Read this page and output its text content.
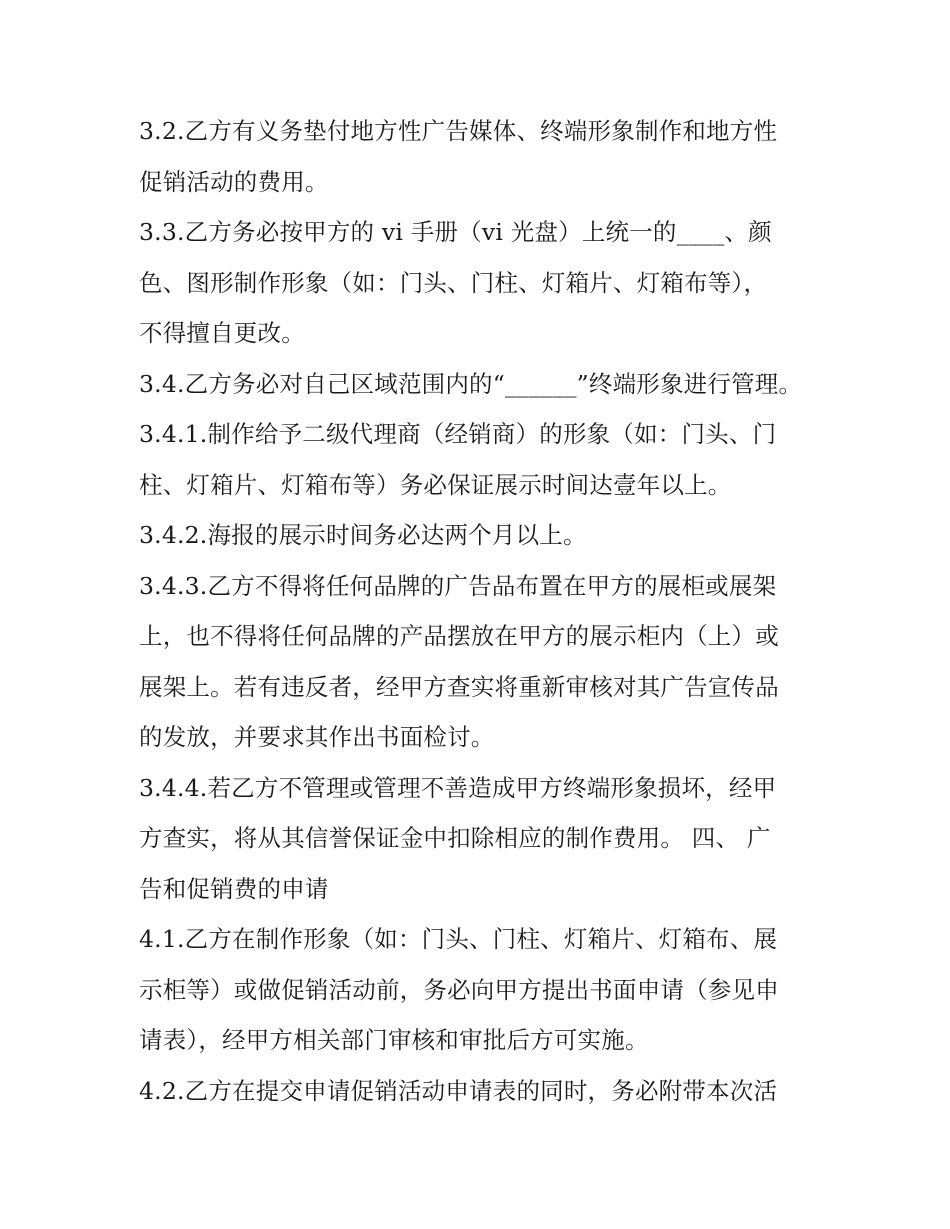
3.2.乙方有义务垫付地方性广告媒体、终端形象制作和地方性
促销活动的费用。
3.3.乙方务必按甲方的 vi 手册（vi 光盘）上统一的____、颜
色、图形制作形象（如：门头、门柱、灯箱片、灯箱布等），
不得擅自更改。
3.4.乙方务必对自己区域范围内的“______”终端形象进行管理。
3.4.1.制作给予二级代理商（经销商）的形象（如：门头、门
柱、灯箱片、灯箱布等）务必保证展示时间达壹年以上。
3.4.2.海报的展示时间务必达两个月以上。
3.4.3.乙方不得将任何品牌的广告品布置在甲方的展柜或展架
上，也不得将任何品牌的产品摆放在甲方的展示柜内（上）或
展架上。若有违反者，经甲方查实将重新审核对其广告宣传品
的发放，并要求其作出书面检讨。
3.4.4.若乙方不管理或管理不善造成甲方终端形象损坏，经甲
方查实，将从其信誉保证金中扣除相应的制作费用。 四、 广
告和促销费的申请
4.1.乙方在制作形象（如：门头、门柱、灯箱片、灯箱布、展
示柜等）或做促销活动前，务必向甲方提出书面申请（参见申
请表），经甲方相关部门审核和审批后方可实施。
4.2.乙方在提交申请促销活动申请表的同时，务必附带本次活
